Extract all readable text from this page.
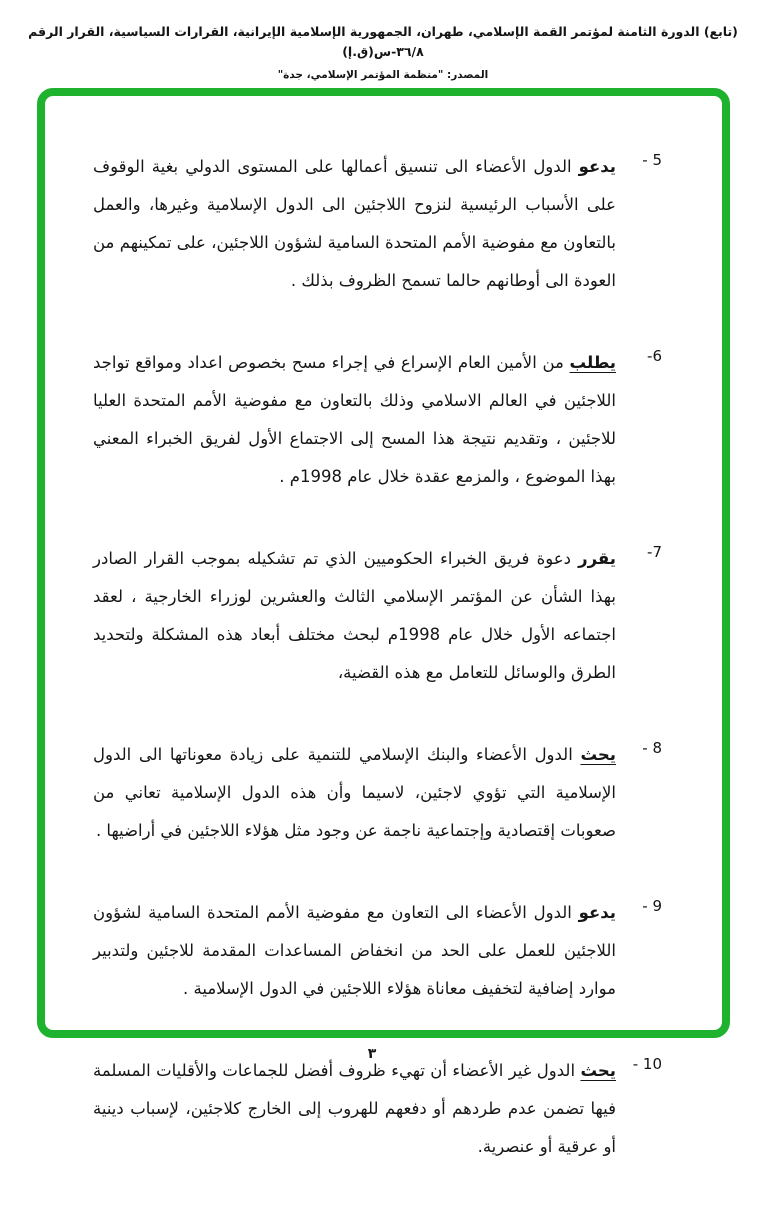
(تابع) الدورة الثامنة لمؤتمر القمة الإسلامي، طهران، الجمهورية الإسلامية الإيرانية، القرارات السياسية، القرار الرقم ٣٦/٨-س(ق.إ)
المصدر: "منظمة المؤتمر الإسلامي، جدة"
5 -
يدعو الدول الأعضاء الى تنسيق أعمالها على المستوى الدولي بغية الوقوف على الأسباب الرئيسية لنزوح اللاجئين الى الدول الإسلامية وغيرها، والعمل بالتعاون مع مفوضية الأمم المتحدة السامية لشؤون اللاجئين، على تمكينهم من العودة الى أوطانهم حالما تسمح الظروف بذلك .
6-
يطلب من الأمين العام الإسراع في إجراء مسح بخصوص اعداد ومواقع تواجد اللاجئين في العالم الاسلامي وذلك بالتعاون مع مفوضية الأمم المتحدة العليا للاجئين ، وتقديم نتيجة هذا المسح إلى الاجتماع الأول لفريق الخبراء المعني بهذا الموضوع ، والمزمع عقدة خلال عام 1998م .
7-
يقرر دعوة فريق الخبراء الحكوميين الذي تم تشكيله بموجب القرار الصادر بهذا الشأن عن المؤتمر الإسلامي الثالث والعشرين لوزراء الخارجية ، لعقد اجتماعه الأول خلال عام 1998م لبحث مختلف أبعاد هذه المشكلة ولتحديد الطرق والوسائل للتعامل مع هذه القضية،
8 -
يحث الدول الأعضاء والبنك الإسلامي للتنمية على زيادة معوناتها الى الدول الإسلامية التي تؤوي لاجئين، لاسيما وأن هذه الدول الإسلامية تعاني من صعوبات إقتصادية وإجتماعية ناجمة عن وجود مثل هؤلاء اللاجئين في أراضيها .
9 -
يدعو الدول الأعضاء الى التعاون مع مفوضية الأمم المتحدة السامية لشؤون اللاجئين للعمل على الحد من انخفاض المساعدات المقدمة للاجئين ولتدبير موارد إضافية لتخفيف معاناة هؤلاء اللاجئين في الدول الإسلامية .
10 -
يحث الدول غير الأعضاء أن تهيء ظروف أفضل للجماعات والأقليات المسلمة فيها تضمن عدم طردهم أو دفعهم للهروب إلى الخارج كلاجئين، لإسباب دينية أو عرقية أو عنصرية.
٣
